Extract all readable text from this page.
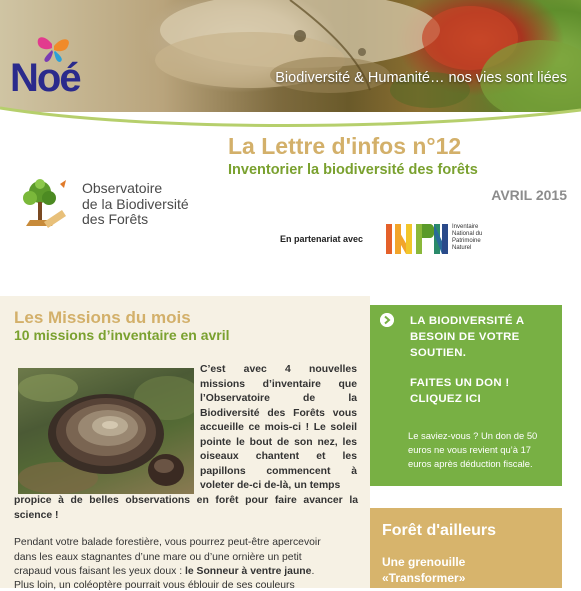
Noé	Biodiversité & Humanité… nos vies sont liées
La Lettre d'infos n°12
Inventorier la biodiversité des forêts
AVRIL 2015
Observatoire
de la Biodiversité
des Forêts
En partenariat avec
Inventaire
National du
Patrimoine
Naturel
Les Missions du mois
10 missions d’inventaire en avril
C’est avec 4 nouvelles missions d’inventaire que l’Observatoire de la Biodiversité des Forêts vous accueille ce mois-ci ! Le soleil pointe le bout de son nez, les oiseaux chantent et les papillons commencent à voleter de-ci de-là, un temps
propice à de belles observations en forêt pour faire avancer la science !
Pendant votre balade forestière, vous pourrez peut-être apercevoir
dans les eaux stagnantes d’une mare ou d’une ornière un petit
crapaud vous faisant les yeux doux : le Sonneur à ventre jaune.
Plus loin, un coléoptère pourrait vous éblouir de ses couleurs
LA BIODIVERSITÉ A BESOIN DE VOTRE SOUTIEN.
FAITES UN DON ! CLIQUEZ ICI
Le saviez-vous ? Un don de 50 euros ne vous revient qu’à 17 euros après déduction fiscale.
Forêt d'ailleurs
Une grenouille «Transformer»
